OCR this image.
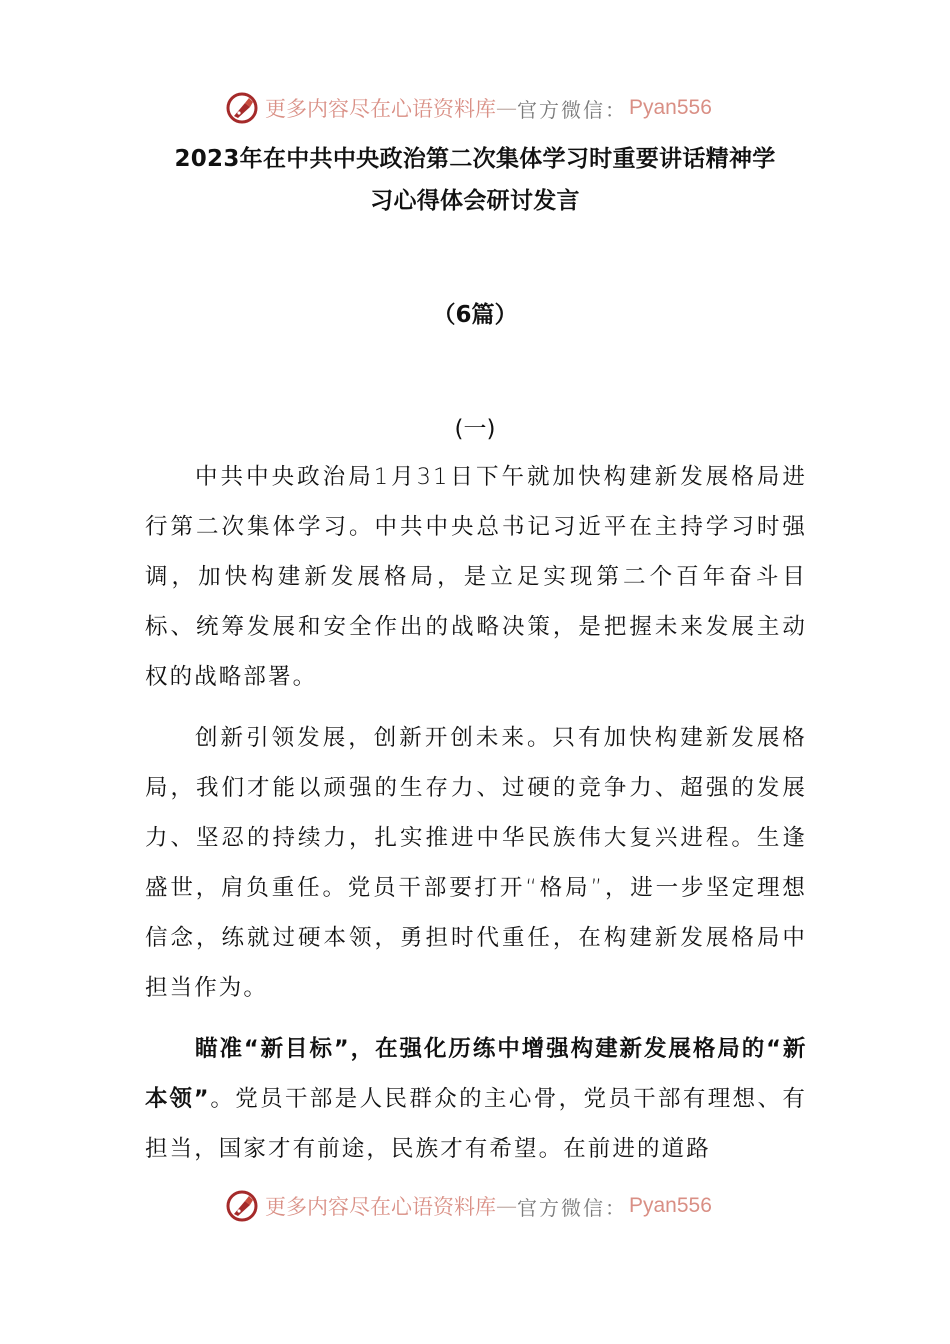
更多内容尽在心语资料库 — 官方微信： Pyan556
2023年在中共中央政治第二次集体学习时重要讲话精神学
习心得体会研讨发言
（6篇）
(一)
中共中央政治局1月31日下午就加快构建新发展格局进行第二次集体学习。中共中央总书记习近平在主持学习时强调，加快构建新发展格局，是立足实现第二个百年奋斗目标、统筹发展和安全作出的战略决策，是把握未来发展主动权的战略部署。
创新引领发展，创新开创未来。只有加快构建新发展格局，我们才能以顽强的生存力、过硬的竞争力、超强的发展力、坚忍的持续力，扎实推进中华民族伟大复兴进程。生逢盛世，肩负重任。党员干部要打开“格局”，进一步坚定理想信念，练就过硬本领，勇担时代重任，在构建新发展格局中担当作为。
瞄准“新目标”，在强化历练中增强构建新发展格局的“新本领”。党员干部是人民群众的主心骨，党员干部有理想、有担当，国家才有前途，民族才有希望。在前进的道路
更多内容尽在心语资料库 — 官方微信： Pyan556
